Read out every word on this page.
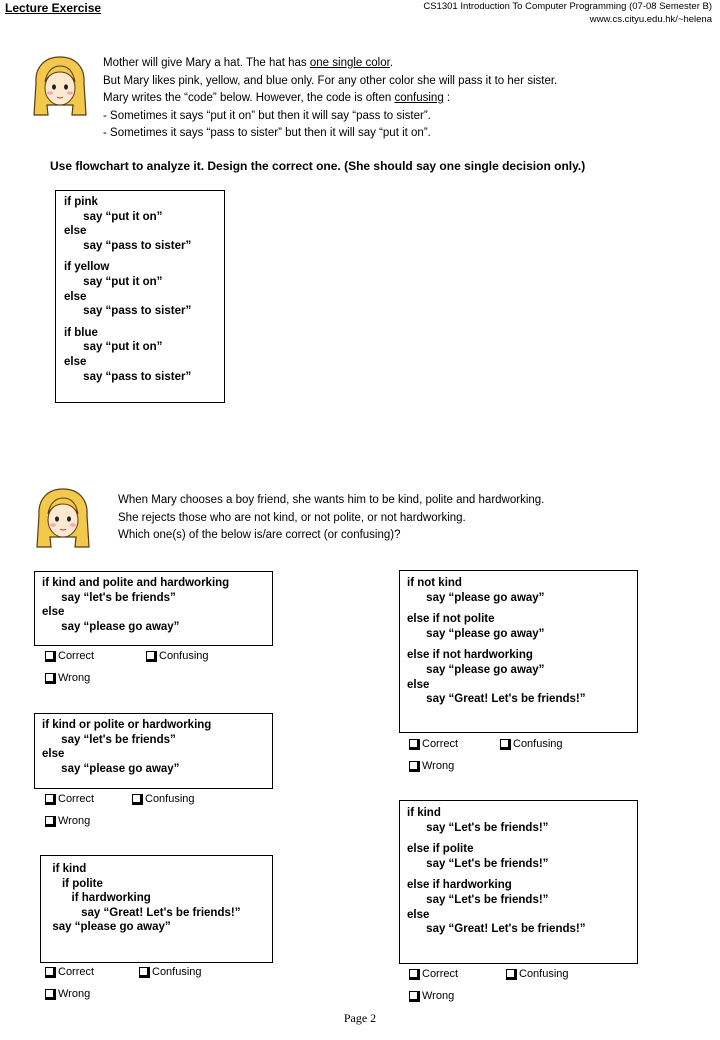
Lecture Exercise	CS1301 Introduction To Computer Programming (07-08 Semester B)
www.cs.cityu.edu.hk/~helena
Mother will give Mary a hat. The hat has one single color.
But Mary likes pink, yellow, and blue only. For any other color she will pass it to her sister.
Mary writes the “code” below. However, the code is often confusing :
- Sometimes it says “put it on” but then it will say “pass to sister”.
- Sometimes it says “pass to sister” but then it will say “put it on”.
Use flowchart to analyze it. Design the correct one. (She should say one single decision only.)
if pink
say “put it on”
else
say “pass to sister”
if yellow
say “put it on”
else
say “pass to sister”
if blue
say “put it on”
else
say “pass to sister”
When Mary chooses a boy friend, she wants him to be kind, polite and hardworking.
She rejects those who are not kind, or not polite, or not hardworking.
Which one(s) of the below is/are correct (or confusing)?
if kind and polite and hardworking
say “let's be friends”
else
say “please go away”
Correct	Confusing
Wrong
if kind or polite or hardworking
say “let's be friends”
else
say “please go away”
Correct	Confusing
Wrong
if kind
if polite
if hardworking
say “Great! Let's be friends!”
say “please go away”
Correct	Confusing
Wrong
if not kind
say “please go away”
else if not polite
say “please go away”
else if not hardworking
say “please go away”
else
say “Great! Let's be friends!”
Correct	Confusing
Wrong
if kind
say “Let's be friends!”
else if polite
say “Let's be friends!”
else if hardworking
say “Let's be friends!”
else
say “Great! Let's be friends!”
Correct	Confusing
Wrong
Page 2
